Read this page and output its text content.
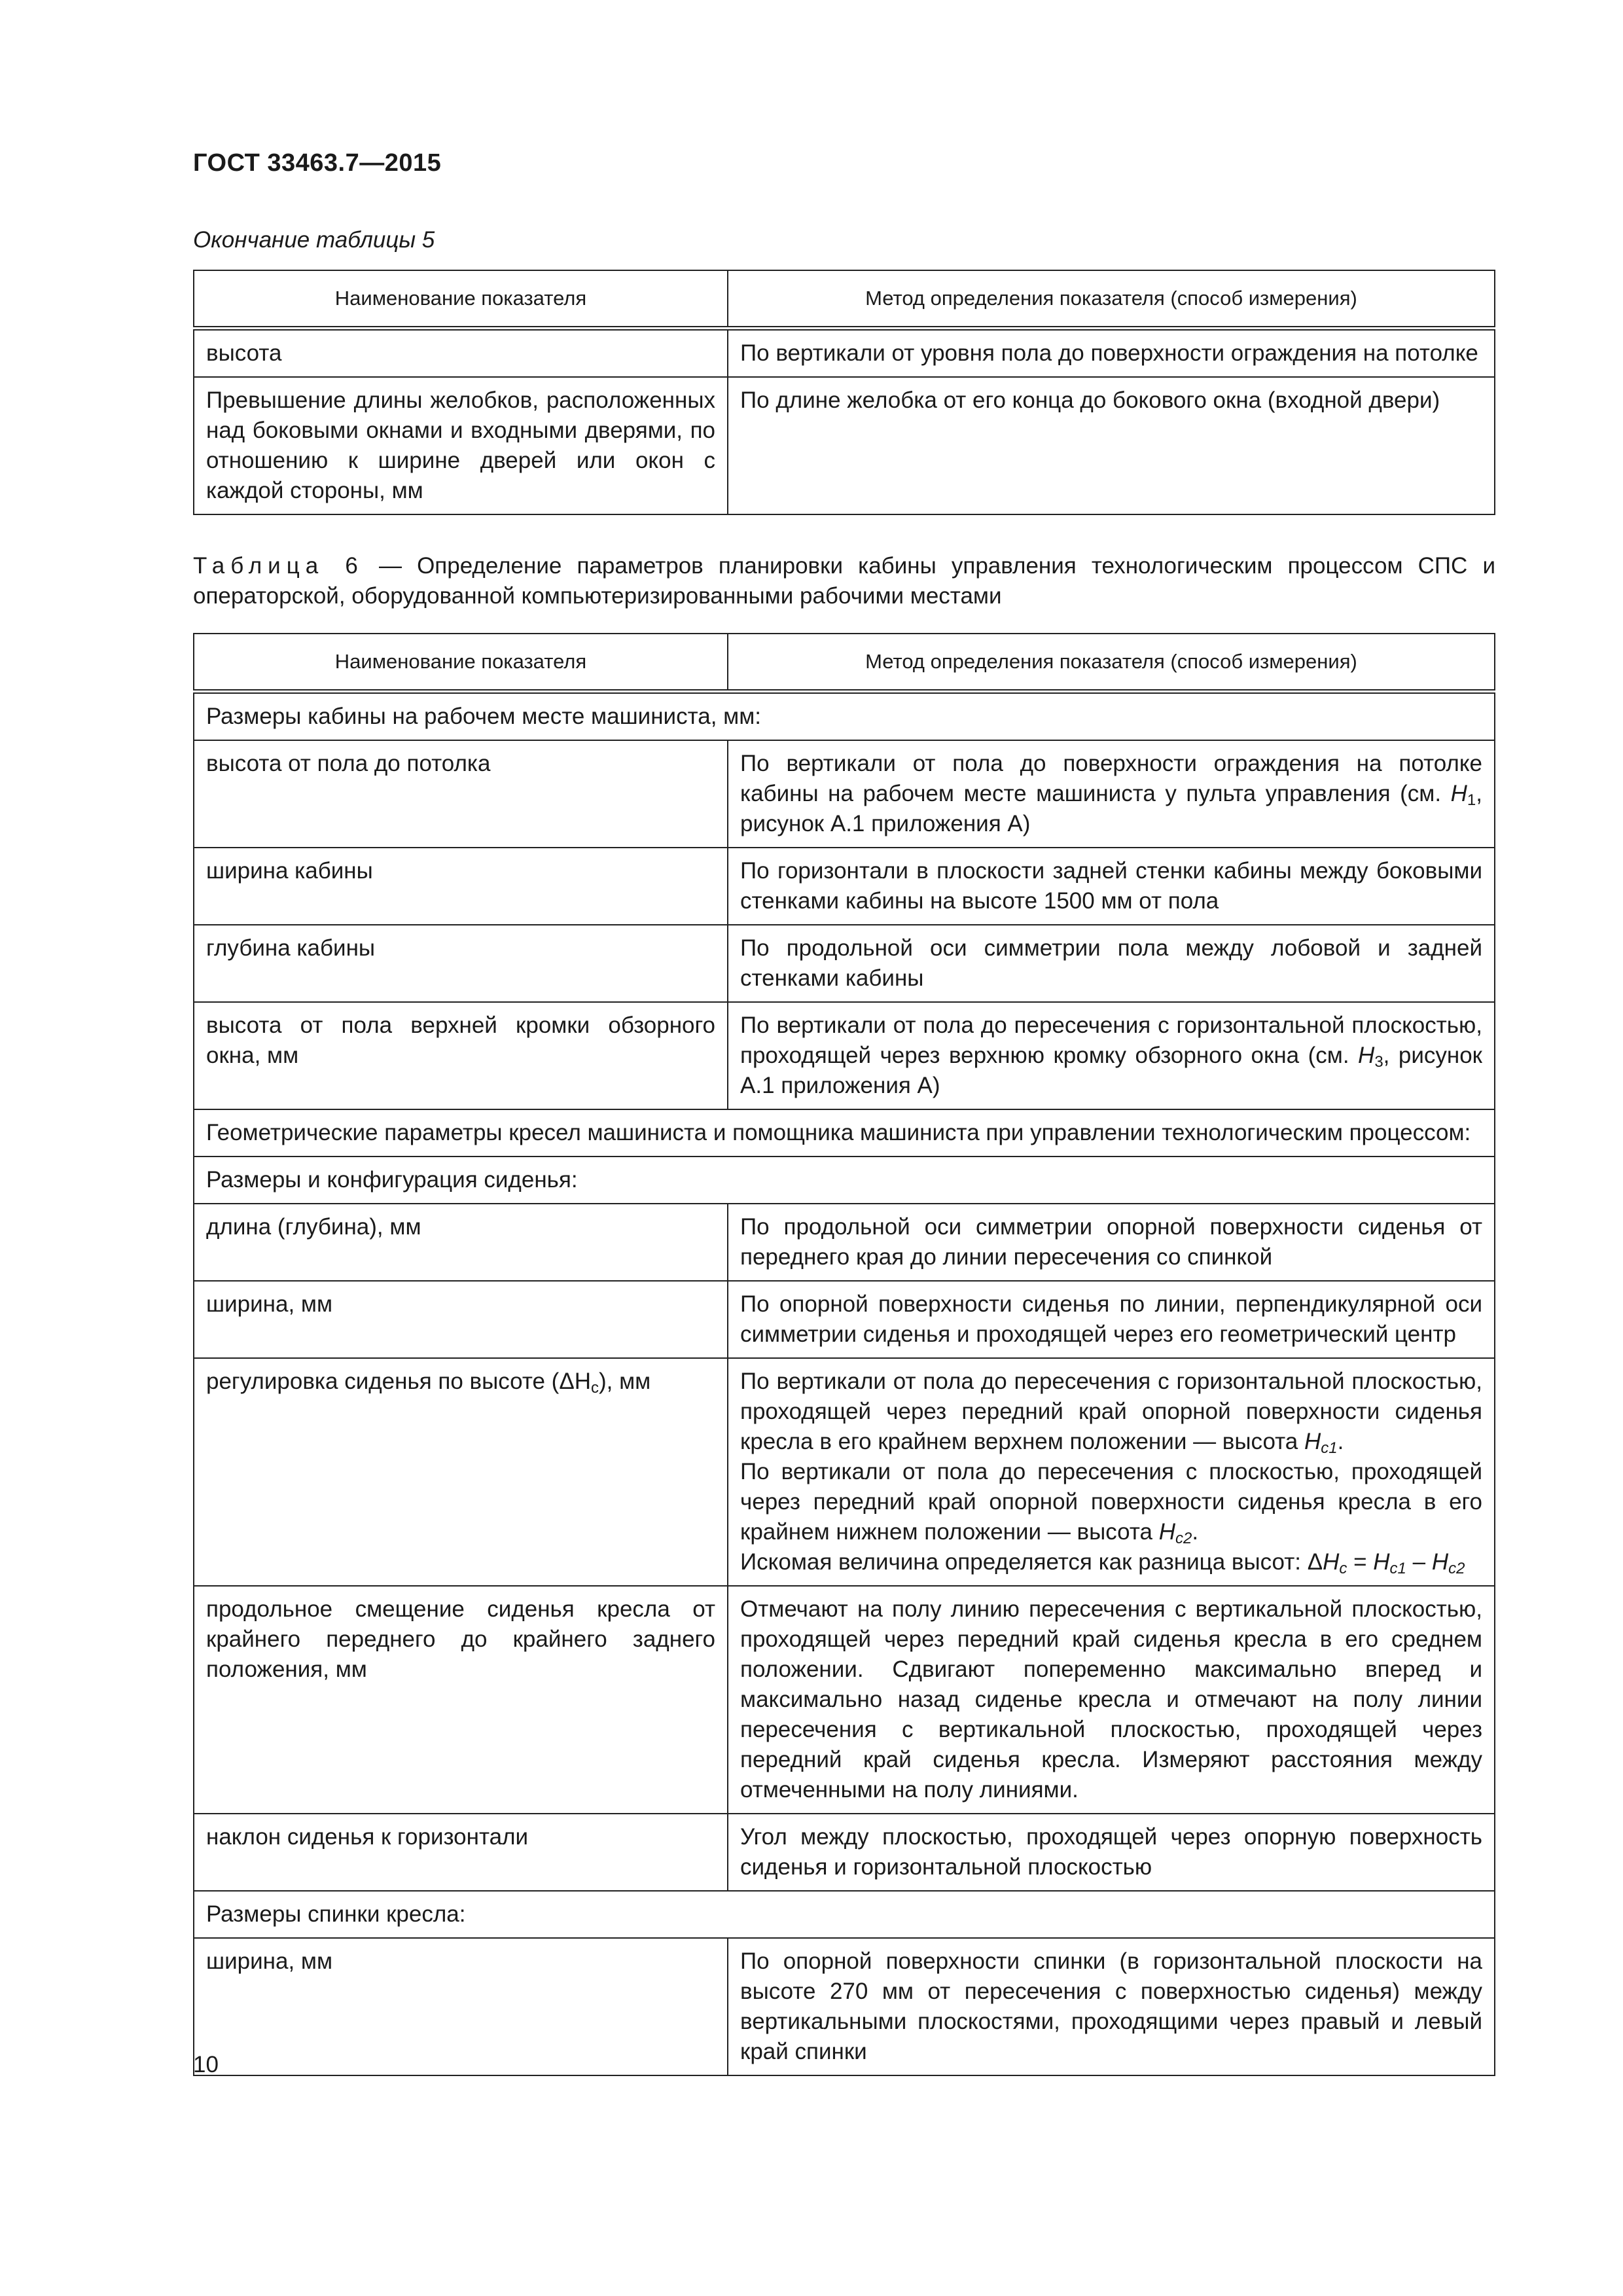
ГОСТ 33463.7—2015
Окончание таблицы 5
Наименование показателя	Метод определения показателя (способ измерения)
высота	По вертикали от уровня пола до поверхности ограждения на потолке
Превышение длины желобков, расположенных над боковыми окнами и входными дверями, по отношению к ширине дверей или окон с каждой стороны, мм	По длине желобка от его конца до бокового окна (входной двери)
Таблица 6 — Определение параметров планировки кабины управления технологическим процессом СПС и операторской, оборудованной компьютеризированными рабочими местами
Наименование показателя	Метод определения показателя (способ измерения)
Размеры кабины на рабочем месте машиниста, мм:	
высота от пола до потолка	По вертикали от пола до поверхности ограждения на потолке кабины на рабочем месте машиниста у пульта управления (см. $H_1$, рисунок А.1 приложения А)
ширина кабины	По горизонтали в плоскости задней стенки кабины между боковыми стенками кабины на высоте 1500 мм от пола
глубина кабины	По продольной оси симметрии пола между лобовой и задней стенками кабины
высота от пола верхней кромки обзорного окна, мм	По вертикали от пола до пересечения с горизонтальной плоскостью, проходящей через верхнюю кромку обзорного окна (см. $H_3$, рисунок А.1 приложения А)
Геометрические параметры кресел машиниста и помощника машиниста при управлении технологическим процессом:	
Размеры и конфигурация сиденья:	
длина (глубина), мм	По продольной оси симметрии опорной поверхности сиденья от переднего края до линии пересечения со спинкой
ширина, мм	По опорной поверхности сиденья по линии, перпендикулярной оси симметрии сиденья и проходящей через его геометрический центр
регулировка сиденья по высоте $(\Delta H_c)$, мм	По вертикали от пола до пересечения с горизонтальной плоскостью, проходящей через передний край опорной поверхности сиденья кресла в его крайнем верхнем положении — высота $H_{c1}$.
По вертикали от пола до пересечения с плоскостью, проходящей через передний край опорной поверхности сиденья кресла в его крайнем нижнем положении — высота $H_{c2}$.
Искомая величина определяется как разница высот: $\Delta H_c = H_{c1} - H_{c2}$
продольное смещение сиденья кресла от крайнего переднего до крайнего заднего положения, мм	Отмечают на полу линию пересечения с вертикальной плоскостью, проходящей через передний край сиденья кресла в его среднем положении. Сдвигают попеременно максимально вперед и максимально назад сиденье кресла и отмечают на полу линии пересечения с вертикальной плоскостью, проходящей через передний край сиденья кресла. Измеряют расстояния между отмеченными на полу линиями.
наклон сиденья к горизонтали	Угол между плоскостью, проходящей через опорную поверхность сиденья и горизонтальной плоскостью
Размеры спинки кресла:	
ширина, мм	По опорной поверхности спинки (в горизонтальной плоскости на высоте 270 мм от пересечения с поверхностью сиденья) между вертикальными плоскостями, проходящими через правый и левый край спинки
10
